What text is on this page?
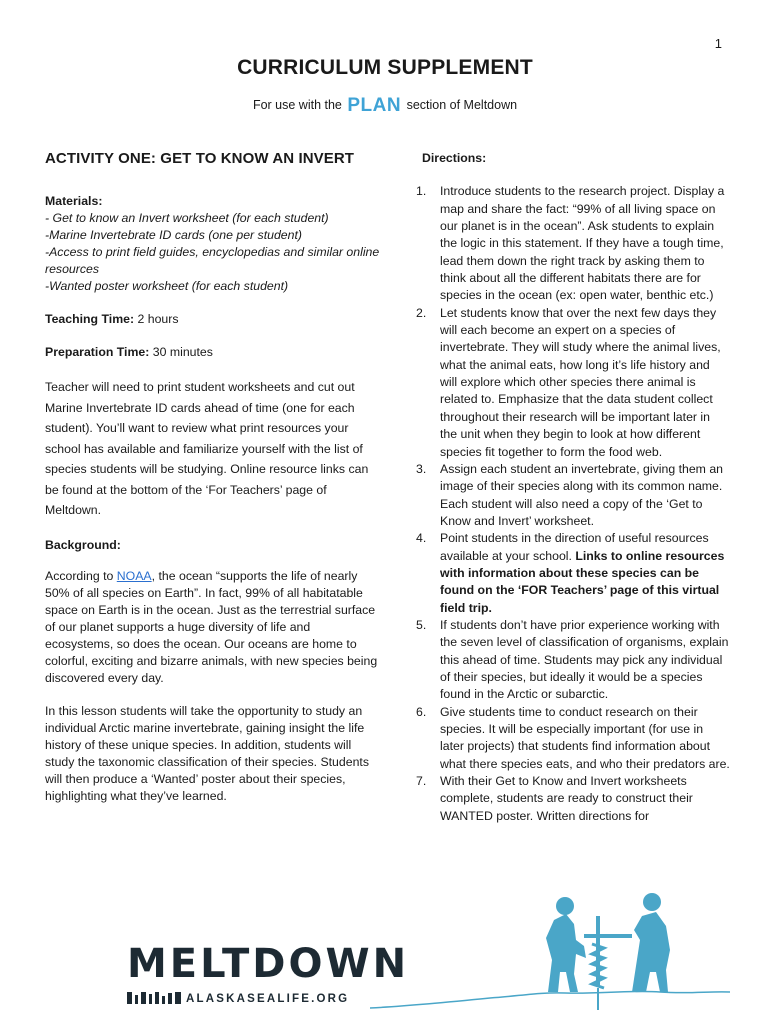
1
CURRICULUM SUPPLEMENT
For use with the PLAN section of Meltdown
ACTIVITY ONE: GET TO KNOW AN INVERT
Materials:
- Get to know an Invert worksheet (for each student)
-Marine Invertebrate ID cards (one per student)
-Access to print field guides, encyclopedias and similar online resources
-Wanted poster worksheet (for each student)
Teaching Time: 2 hours
Preparation Time: 30 minutes
Teacher will need to print student worksheets and cut out Marine Invertebrate ID cards ahead of time (one for each student). You’ll want to review what print resources your school has available and familiarize yourself with the list of species students will be studying. Online resource links can be found at the bottom of the ‘For Teachers’ page of Meltdown.
Background:
According to NOAA, the ocean “supports the life of nearly 50% of all species on Earth”. In fact, 99% of all habitatable space on Earth is in the ocean. Just as the terrestrial surface of our planet supports a huge diversity of life and ecosystems, so does the ocean. Our oceans are home to colorful, exciting and bizarre animals, with new species being discovered every day.
In this lesson students will take the opportunity to study an individual Arctic marine invertebrate, gaining insight the life history of these unique species. In addition, students will study the taxonomic classification of their species. Students will then produce a ‘Wanted’ poster about their species, highlighting what they’ve learned.
Directions:
1. Introduce students to the research project. Display a map and share the fact: “99% of all living space on our planet is in the ocean”. Ask students to explain the logic in this statement. If they have a tough time, lead them down the right track by asking them to think about all the different habitats there are for species in the ocean (ex: open water, benthic etc.)
2. Let students know that over the next few days they will each become an expert on a species of invertebrate. They will study where the animal lives, what the animal eats, how long it’s life history and will explore which other species there animal is related to. Emphasize that the data student collect throughout their research will be important later in the unit when they begin to look at how different species fit together to form the food web.
3. Assign each student an invertebrate, giving them an image of their species along with its common name. Each student will also need a copy of the ‘Get to Know and Invert’ worksheet.
4. Point students in the direction of useful resources available at your school. Links to online resources with information about these species can be found on the ‘FOR Teachers’ page of this virtual field trip.
5. If students don’t have prior experience working with the seven level of classification of organisms, explain this ahead of time. Students may pick any individual of their species, but ideally it would be a species found in the Arctic or subarctic.
6. Give students time to conduct research on their species. It will be especially important (for use in later projects) that students find information about what there species eats, and who their predators are.
7. With their Get to Know and Invert worksheets complete, students are ready to construct their WANTED poster. Written directions for
MELTDOWN
ALASKASEALIFE.ORG
